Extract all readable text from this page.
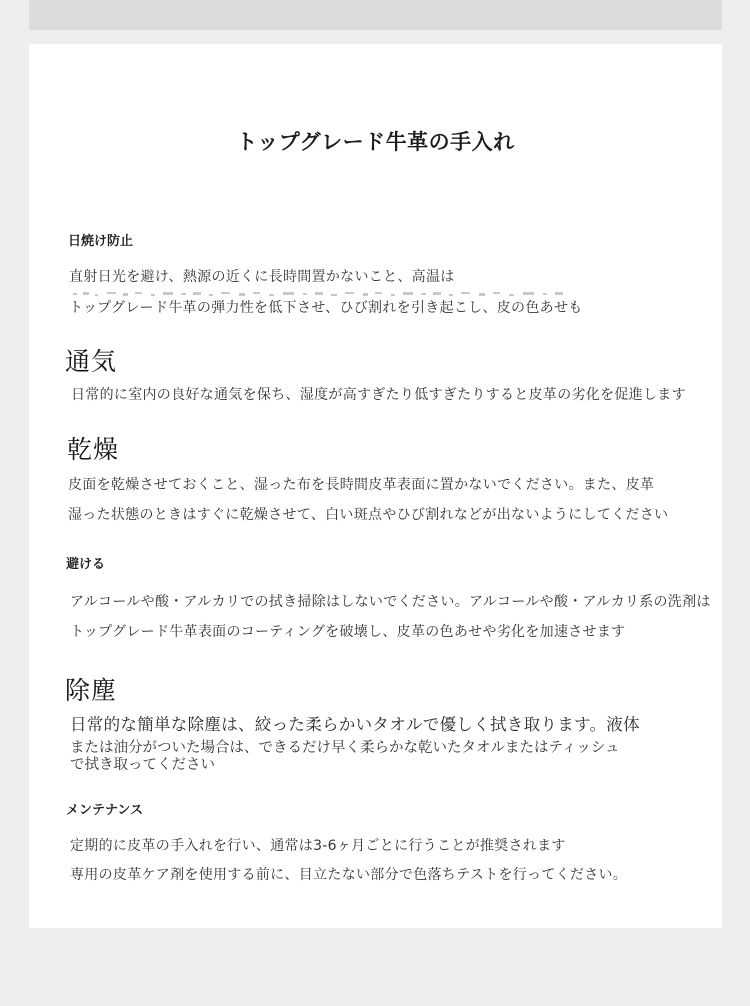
トップグレード牛革の手入れ
日焼け防止
直射日光を避け、熱源の近くに長時間置かないこと、高温は
トップグレード牛革の弾力性を低下させ、ひび割れを引き起こし、皮の色あせも
通気
日常的に室内の良好な通気を保ち、湿度が高すぎたり低すぎたりすると皮革の劣化を促進します
乾燥
皮面を乾燥させておくこと、湿った布を長時間皮革表面に置かないでください。また、皮革
湿った状態のときはすぐに乾燥させて、白い斑点やひび割れなどが出ないようにしてください
避ける
アルコールや酸・アルカリでの拭き掃除はしないでください。アルコールや酸・アルカリ系の洗剤は
トップグレード牛革表面のコーティングを破壊し、皮革の色あせや劣化を加速させます
除塵
日常的な簡単な除塵は、絞った柔らかいタオルで優しく拭き取ります。液体
または油分がついた場合は、できるだけ早く柔らかな乾いたタオルまたはティッシュ
で拭き取ってください
メンテナンス
定期的に皮革の手入れを行い、通常は3-6ヶ月ごとに行うことが推奨されます
専用の皮革ケア剤を使用する前に、目立たない部分で色落ちテストを行ってください。
